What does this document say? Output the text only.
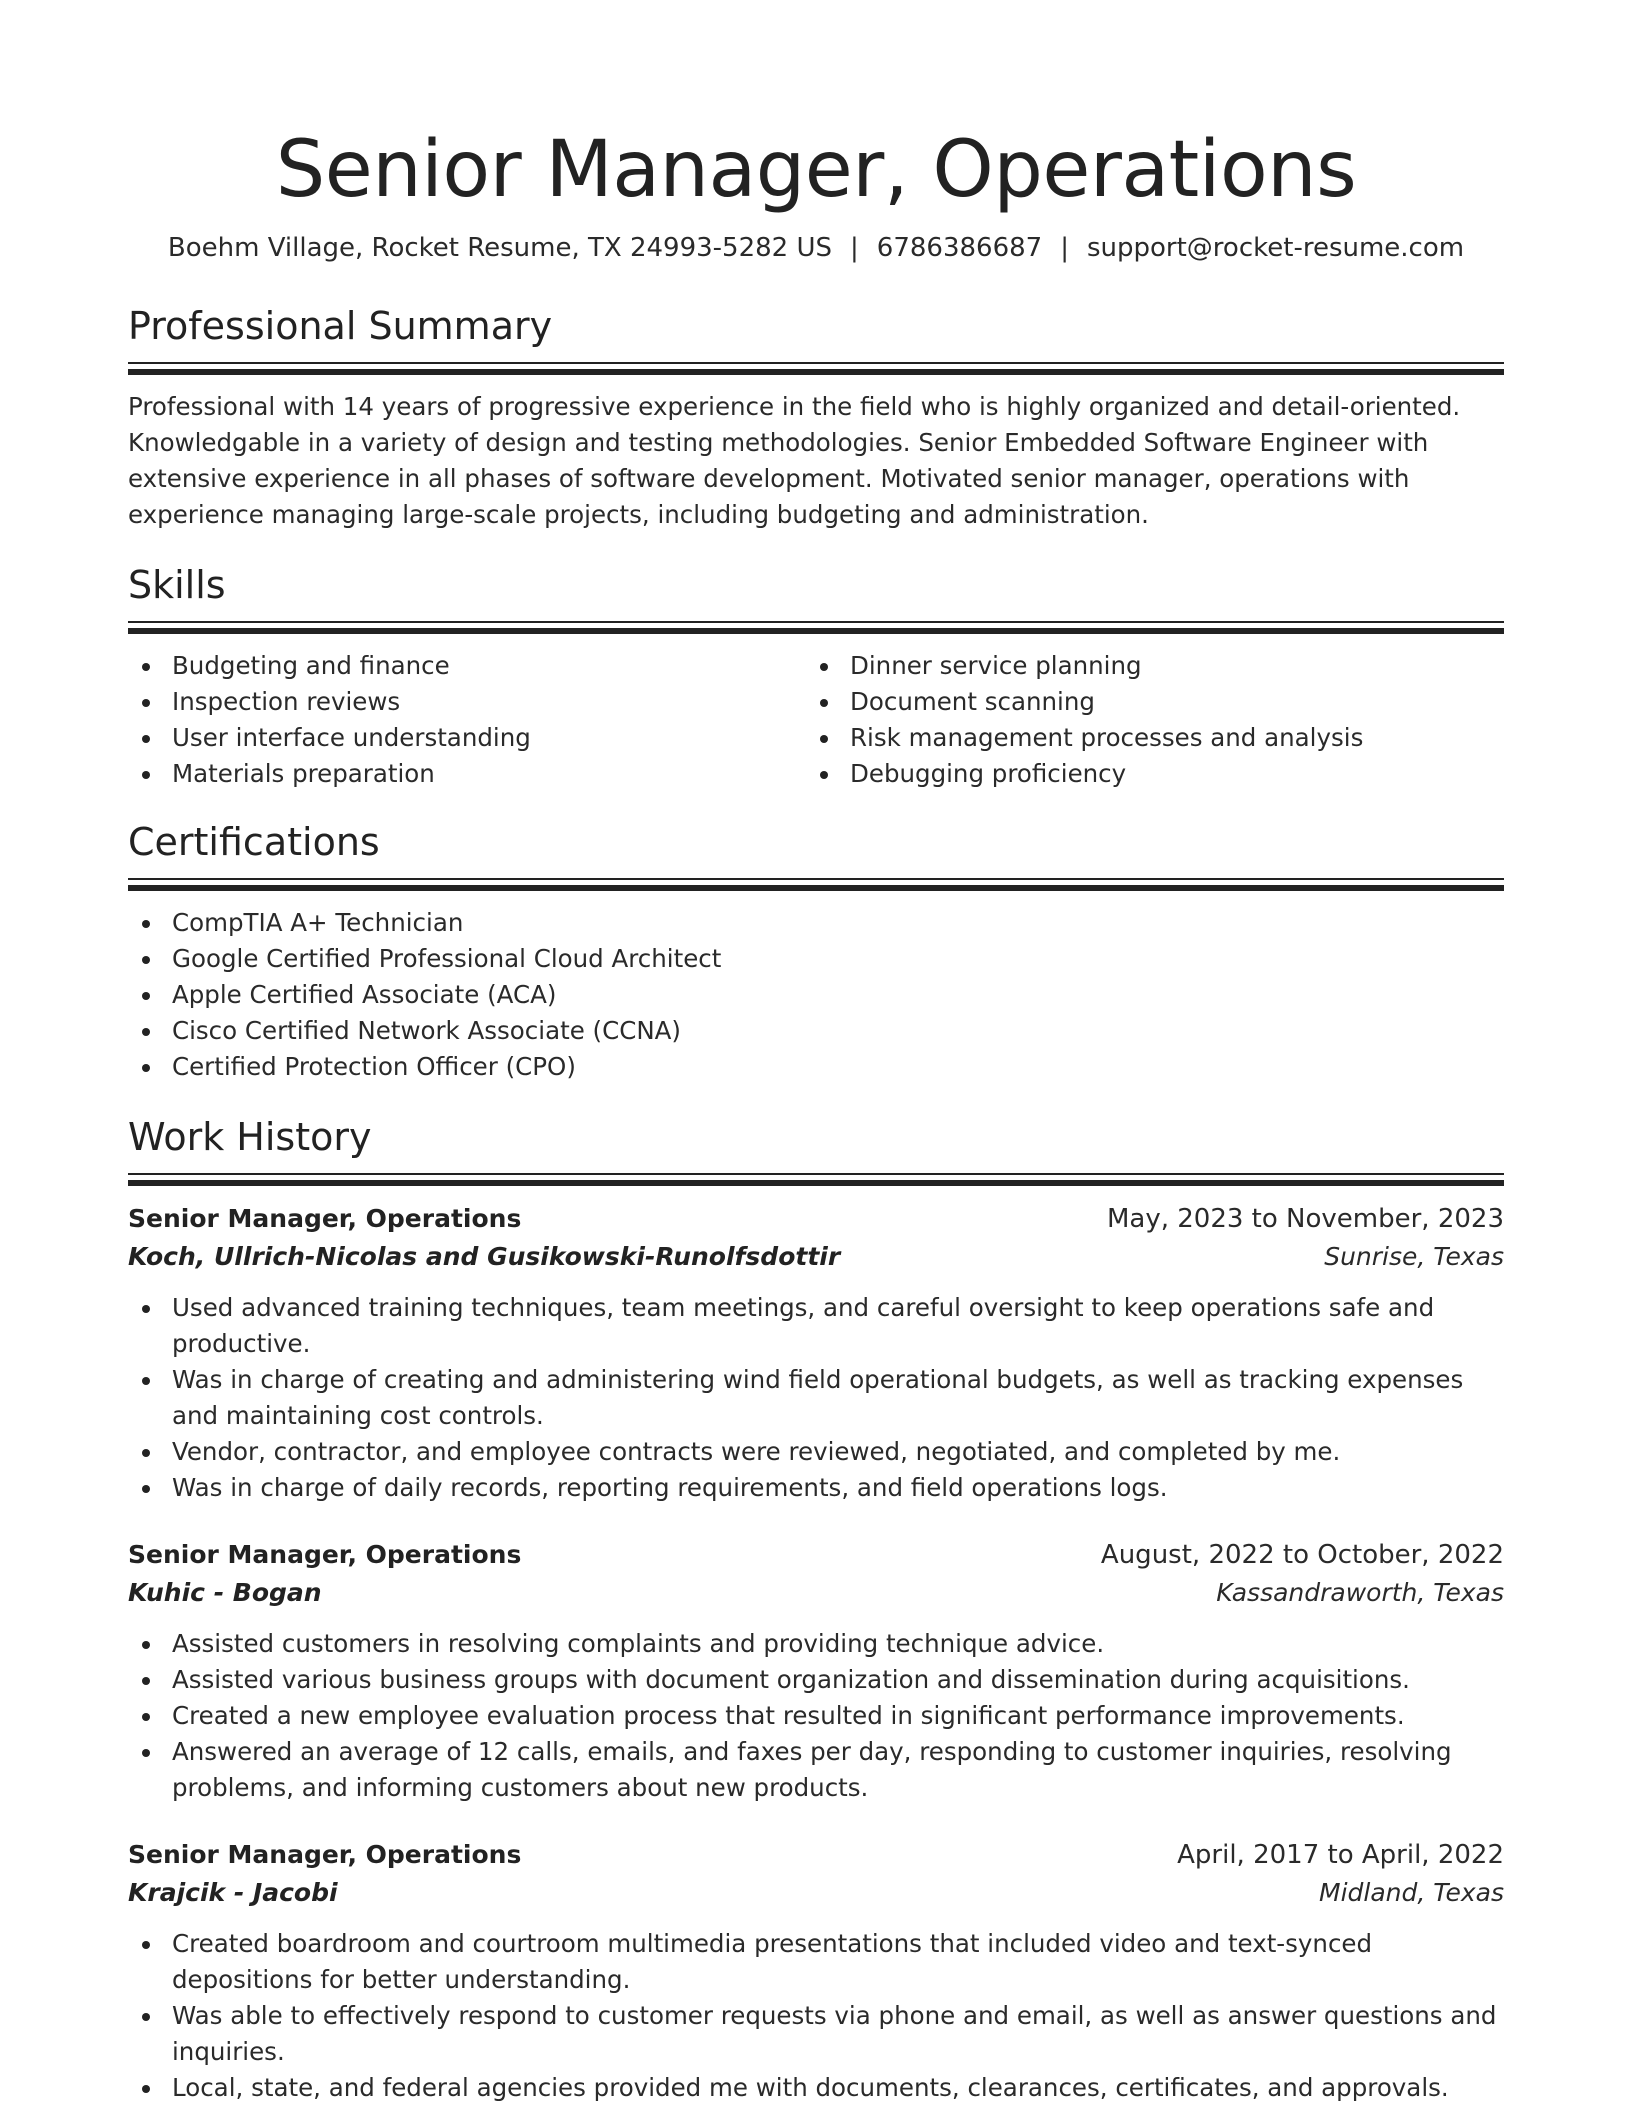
Senior Manager, Operations
Boehm Village, Rocket Resume, TX 24993-5282 US | 6786386687 | support@rocket-resume.com
Professional Summary
Professional with 14 years of progressive experience in the field who is highly organized and detail-oriented. Knowledgable in a variety of design and testing methodologies. Senior Embedded Software Engineer with extensive experience in all phases of software development. Motivated senior manager, operations with experience managing large-scale projects, including budgeting and administration.
Skills
Budgeting and finance
Inspection reviews
User interface understanding
Materials preparation
Dinner service planning
Document scanning
Risk management processes and analysis
Debugging proficiency
Certifications
CompTIA A+ Technician
Google Certified Professional Cloud Architect
Apple Certified Associate (ACA)
Cisco Certified Network Associate (CCNA)
Certified Protection Officer (CPO)
Work History
Senior Manager, Operations	May, 2023 to November, 2023
Koch, Ullrich-Nicolas and Gusikowski-Runolfsdottir	Sunrise, Texas
Used advanced training techniques, team meetings, and careful oversight to keep operations safe and productive.
Was in charge of creating and administering wind field operational budgets, as well as tracking expenses and maintaining cost controls.
Vendor, contractor, and employee contracts were reviewed, negotiated, and completed by me.
Was in charge of daily records, reporting requirements, and field operations logs.
Senior Manager, Operations	August, 2022 to October, 2022
Kuhic - Bogan	Kassandraworth, Texas
Assisted customers in resolving complaints and providing technique advice.
Assisted various business groups with document organization and dissemination during acquisitions.
Created a new employee evaluation process that resulted in significant performance improvements.
Answered an average of 12 calls, emails, and faxes per day, responding to customer inquiries, resolving problems, and informing customers about new products.
Senior Manager, Operations	April, 2017 to April, 2022
Krajcik - Jacobi	Midland, Texas
Created boardroom and courtroom multimedia presentations that included video and text-synced depositions for better understanding.
Was able to effectively respond to customer requests via phone and email, as well as answer questions and inquiries.
Local, state, and federal agencies provided me with documents, clearances, certificates, and approvals.
